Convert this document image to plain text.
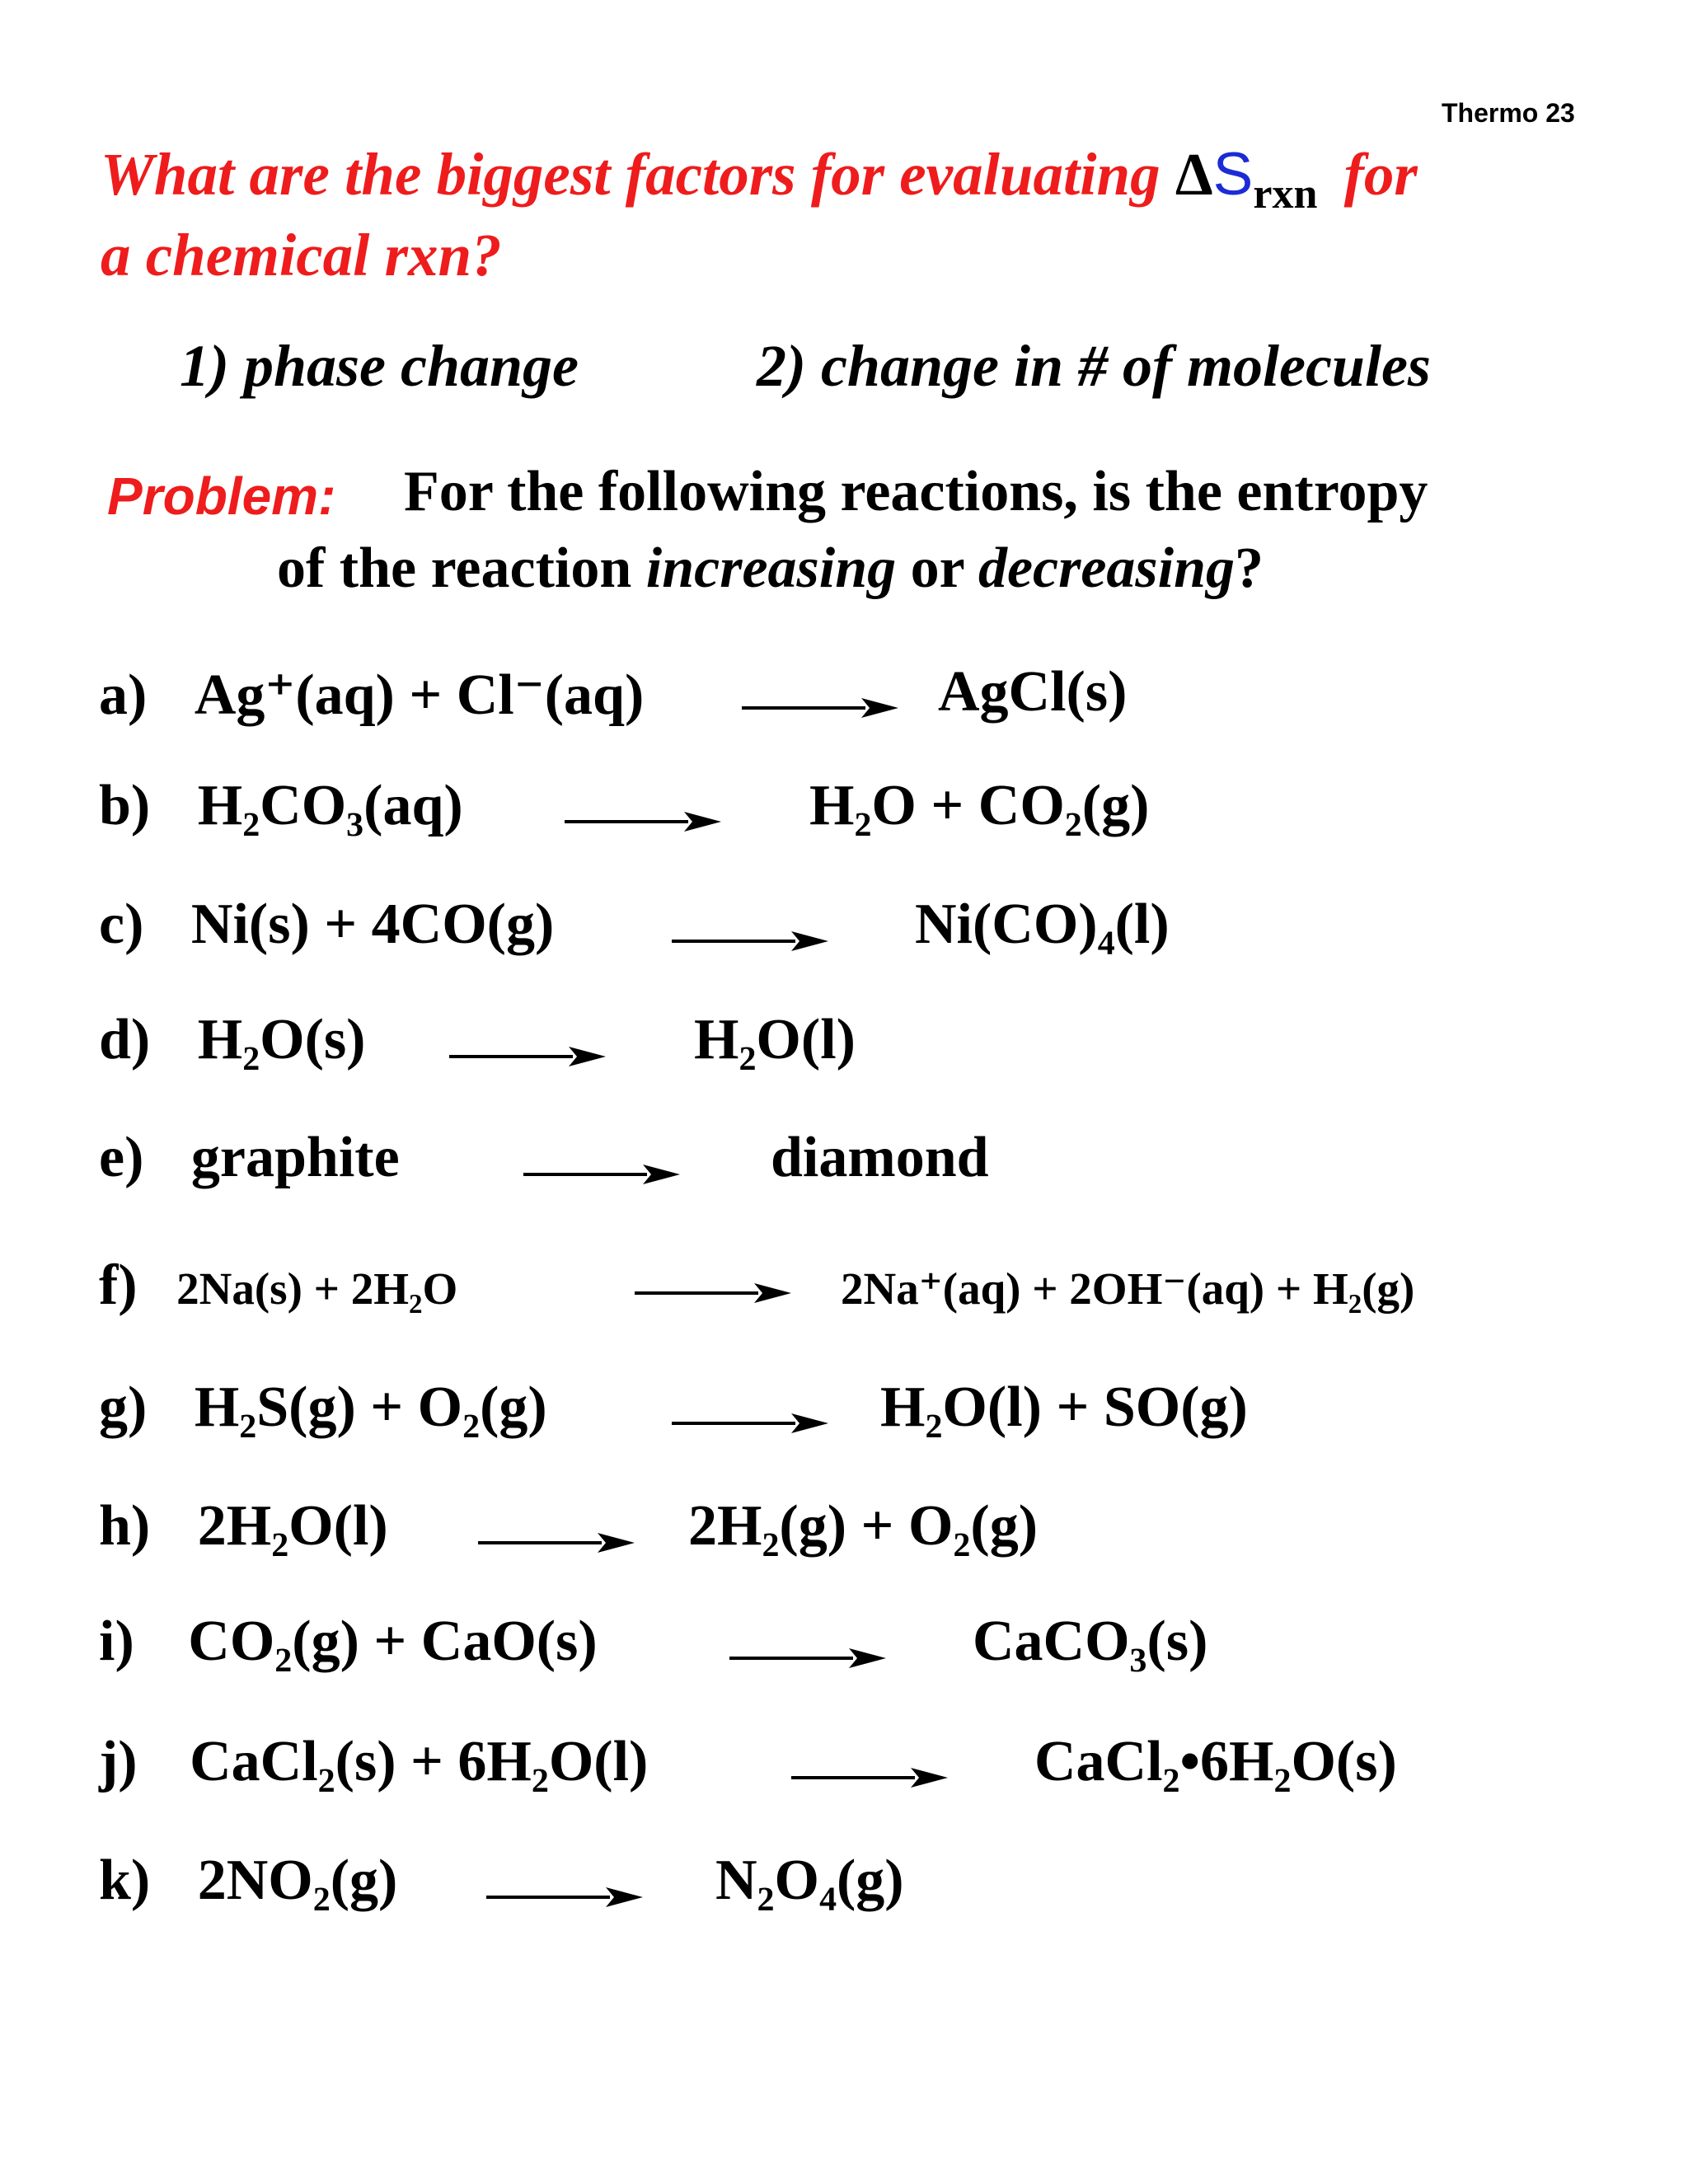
Thermo 23
What are the biggest factors for evaluating $\Delta S_{rxn}$ for
a chemical rxn?
1) phase change	2) change in # of molecules
Problem: For the following reactions, is the entropy
of the reaction increasing or decreasing?
a) Ag⁺(aq) + Cl⁻(aq)	AgCl(s)
b) H₂CO₃(aq)	H₂O + CO₂(g)
c) Ni(s) + 4CO(g)	Ni(CO)₄(l)
d) H₂O(s)	H₂O(l)
e) graphite	diamond
f) 2Na(s) + 2H₂O	2Na⁺(aq) + 2OH⁻(aq) + H₂(g)
g) H₂S(g) + O₂(g)	H₂O(l) + SO(g)
h) 2H₂O(l)	2H₂(g) + O₂(g)
i) CO₂(g) + CaO(s)	CaCO₃(s)
j) CaCl₂(s) + 6H₂O(l)	CaCl₂•6H₂O(s)
k) 2NO₂(g)	N₂O₄(g)
